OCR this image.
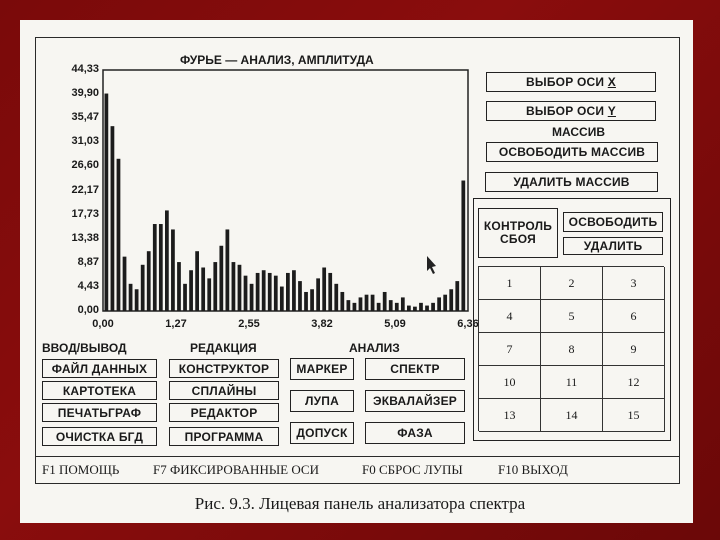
ФУРЬЕ — АНАЛИЗ, АМПЛИТУДА
44,33
39,90
35,47
31,03
26,60
22,17
17,73
13,38
8,87
4,43
0,00
0,00	1,27	2,55	3,82	5,09	6,36
ВЫБОР ОСИ
X
ВЫБОР ОСИ
Y
МАССИВ
ОСВОБОДИТЬ МАССИВ
УДАЛИТЬ МАССИВ
КОНТРОЛЬ
СБОЯ
ОСВОБОДИТЬ
УДАЛИТЬ
1	2	3
4	5	6
7	8	9
10	11	12
13	14	15
ВВОД/ВЫВОД
ФАЙЛ ДАННЫХ
КАРТОТЕКА
ПЕЧАТЬГРАФ
ОЧИСТКА БГД
РЕДАКЦИЯ
КОНСТРУКТОР
СПЛАЙНЫ
РЕДАКТОР
ПРОГРАММА
АНАЛИЗ
МАРКЕР	СПЕКТР
ЛУПА	ЭКВАЛАЙЗЕР
ДОПУСК	ФАЗА
F1 ПОМОЩЬ	F7 ФИКСИРОВАННЫЕ ОСИ	F0 СБРОС ЛУПЫ	F10 ВЫХОД
Рис. 9.3. Лицевая панель анализатора спектра
